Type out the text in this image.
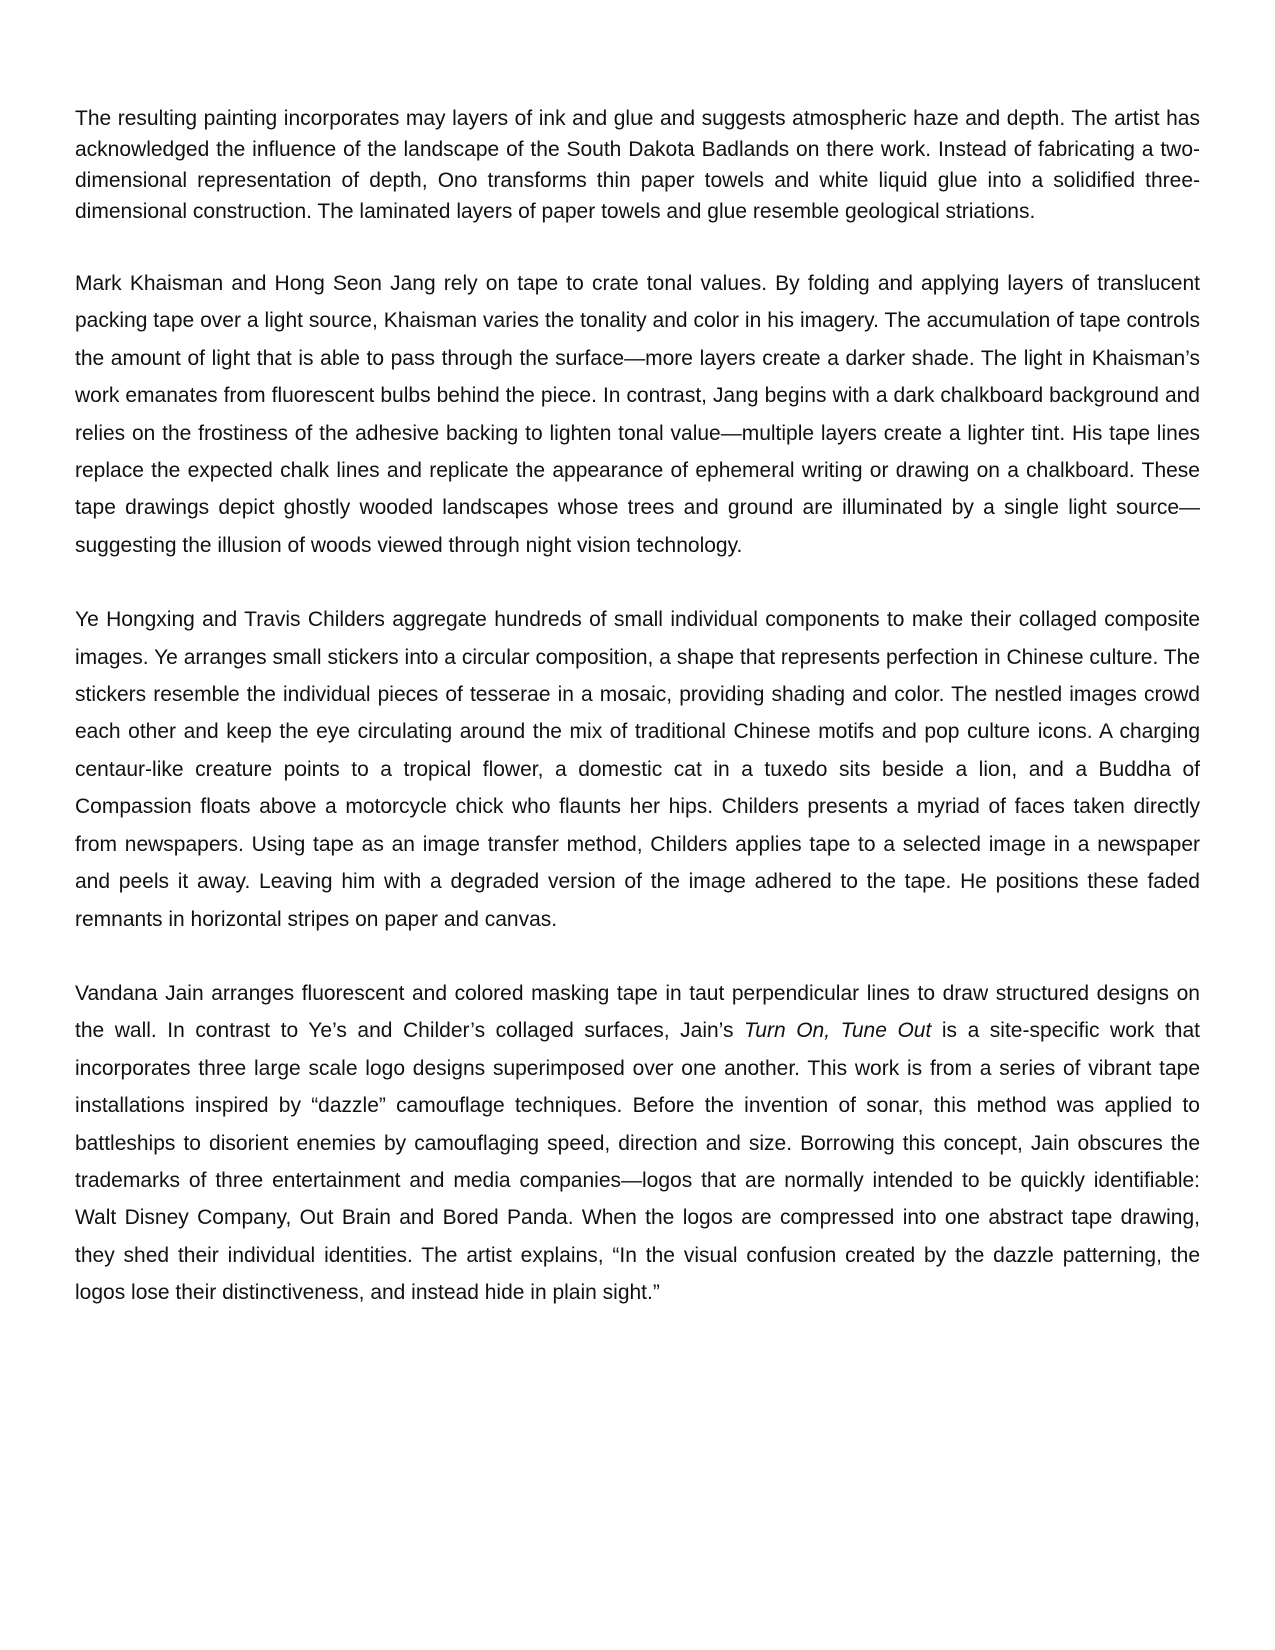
The resulting painting incorporates may layers of ink and glue and suggests atmospheric haze and depth. The artist has acknowledged the influence of the landscape of the South Dakota Badlands on there work. Instead of fabricating a two-dimensional representation of depth, Ono transforms thin paper towels and white liquid glue into a solidified three-dimensional construction. The laminated layers of paper towels and glue resemble geological striations.

Mark Khaisman and Hong Seon Jang rely on tape to crate tonal values. By folding and applying layers of translucent packing tape over a light source, Khaisman varies the tonality and color in his imagery. The accumulation of tape controls the amount of light that is able to pass through the surface—more layers create a darker shade. The light in Khaisman’s work emanates from fluorescent bulbs behind the piece. In contrast, Jang begins with a dark chalkboard background and relies on the frostiness of the adhesive backing to lighten tonal value—multiple layers create a lighter tint. His tape lines replace the expected chalk lines and replicate the appearance of ephemeral writing or drawing on a chalkboard. These tape drawings depict ghostly wooded landscapes whose trees and ground are illuminated by a single light source—suggesting the illusion of woods viewed through night vision technology.

Ye Hongxing and Travis Childers aggregate hundreds of small individual components to make their collaged composite images. Ye arranges small stickers into a circular composition, a shape that represents perfection in Chinese culture. The stickers resemble the individual pieces of tesserae in a mosaic, providing shading and color. The nestled images crowd each other and keep the eye circulating around the mix of traditional Chinese motifs and pop culture icons. A charging centaur-like creature points to a tropical flower, a domestic cat in a tuxedo sits beside a lion, and a Buddha of Compassion floats above a motorcycle chick who flaunts her hips. Childers presents a myriad of faces taken directly from newspapers. Using tape as an image transfer method, Childers applies tape to a selected image in a newspaper and peels it away. Leaving him with a degraded version of the image adhered to the tape. He positions these faded remnants in horizontal stripes on paper and canvas.

Vandana Jain arranges fluorescent and colored masking tape in taut perpendicular lines to draw structured designs on the wall. In contrast to Ye’s and Childer’s collaged surfaces, Jain’s Turn On, Tune Out is a site-specific work that incorporates three large scale logo designs superimposed over one another. This work is from a series of vibrant tape installations inspired by “dazzle” camouflage techniques. Before the invention of sonar, this method was applied to battleships to disorient enemies by camouflaging speed, direction and size. Borrowing this concept, Jain obscures the trademarks of three entertainment and media companies—logos that are normally intended to be quickly identifiable: Walt Disney Company, Out Brain and Bored Panda. When the logos are compressed into one abstract tape drawing, they shed their individual identities. The artist explains, “In the visual confusion created by the dazzle patterning, the logos lose their distinctiveness, and instead hide in plain sight.”
